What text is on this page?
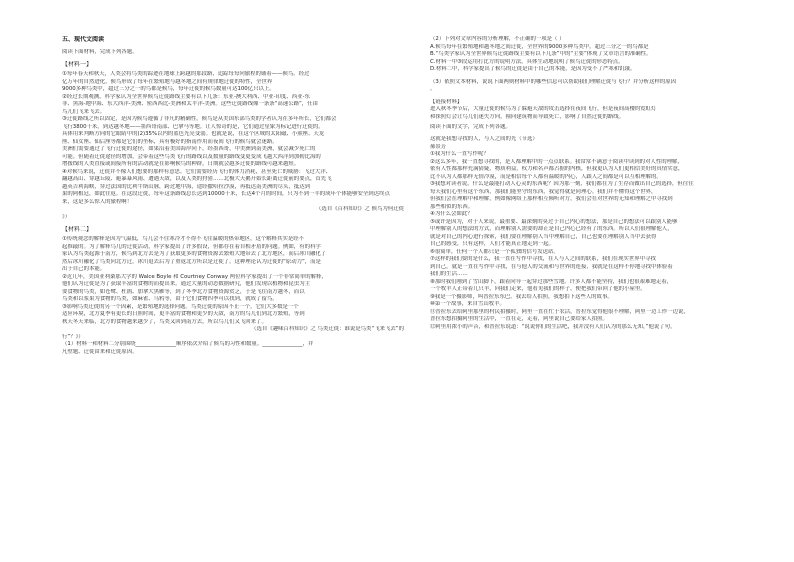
五、现代文阅读
阅读下面材料，完成下列各题。
【材料一】
①每年春天和秋天，人类会将鸟类的踪迹在地球上跨越的那段路，追踪每每向旅程的铺着——候鸟。经过
亿万年的自然进化，候鸟形成了每年在繁殖地与越冬地之间有规律地迁徙的特性，全世界
9000多种鸟类中，超过三分之一的鸟都是候鸟，每年迁徙的候鸟数量可达100亿只以上。
②经过长期观测，科学家认为全世界候鸟迁徙路线主要有以下几条：东亚-澳大利西、中亚-印度、西亚-东
非、黑海-地中海、东大西洋-美洲、密西西比-美洲和太平洋-美洲。这些迁徙路线像一条条“高速公路”，任由
鸟儿们飞来飞去。
③迁徙路线之所以固定，是因为候鸟遵循了非凡的精确性。候鸟是从美国东部鸟类的学者认为在多年所长，它们都会
飞行3800千米，到达越冬地——墨西哥南部、巴拿马等地。让人惊奇的是，它们通过星象为标记进行迁徙的。
具体用来判断方向的它眼睛中的(2)35%以内的蓝色光亮变弱。也就是说，在这个区域的太阳磁、小熊座、天龙
座、仙女座、仙后座等都是它们的坐标，具有极好的指南作用而夜间飞行的候鸟就会迷路。
美洲们需要通过了飞行迁徙的途径，如果沿着美国海岸向下，经墨西哥，中美洲到南美洲，就会减少死亡的
可能。但随着迁徙途径的增加，会带着这些鸟类飞行的路线以及数量的路线变更变成飞越大西洋到加勒比海的
增援线的人类直接或间接所有的活动就是在影响候鸟的种群，日期就会越多迁徙的路线可越来越短。
④对候鸟来说，迁徙并不像人们想要的那样有意思。它们需要经历飞行的体力消耗，甚至死亡的威胁：飞过大洋、
翻越高山、穿越丘陵、避暴暴风雨、遭遇天敌，以及人类的狩猎……北极大天鹅开始长距离迁徙前的要点，首先飞
越英吉利海峡，穿过法国的比利牛斯山脉，跨过地中海，途经撒哈拉沙漠，再抵达南美洲的尽头，抵达到
果的阿根廷，如此往返。在这段迁徙，每年这条路线总长达到10000千米，长达4个月的时间，只为不到一半的成年个体能够安全到达终点
来，这是多么惊人的旅程啊！
（选自《百科知识》之 候鸟为何迁徙
》）
【材料二】
①传统观念的解释是因为气温低，鸟儿会不住寒冷才不得不飞往温暖的热带地区，这个解释其实是经不
起推敲的。为了解释鸟儿的迁徙活动，科学家提出了许多假设，但都存在着自相矛盾的问题。例如，有的科学
家认为鸟类起源于南方，候鸟到北方去是为了获取更多的食物资源去繁殖大地带去了北方地区，而后冰川融化了
然后冰川融化了鸟类向北方迁，冰川退去后为了重返北方所以是迁徙了。这种理论认为迁徙的“原动力”，而是
出于自己的本能。
②近几年，美国亚利桑那大学的 Walce Boyle 和 Courtney Conway 两位科学家提出了一个非常简单的解释，
他们认为迁徙是为了获取丰富的食物的而提出来。通过大量的动态数据研究，他们发现以植物和昆虫为主
要食物的鸟类，如苍鹭、杜鹃、加拿大黑雁等，到了冬季北方食物资源贫乏，于是飞往南方越冬，而以
鸟类和以浆果为食物的鸟类，如麻雀、乌鸦等，由于它们食物四季可以找到，就成了留鸟。
③影响鸟类迁徙的另一个因素，是繁殖地的选择问题。鸟类迁徙的原因不止一个，它们大多数是一个
适应环境，北方夏季有更长的日照时间，更丰富的食物和更少的天敌，南方的鸟儿们到北方繁殖，等到
秋天冬天来临，北方的食物越来越少了，鸟类又回到南方去，所以鸟儿们又飞回来了。
（选自《趣味百科知识》之 鸟类迁徙：谁说是鸟类“飞来飞去”的
行”？》）
（1）材料一和材料二分别围绕_______________顺序依次介绍了候鸟的习性和数量。_______________，并
凡壁题、迁徙由来和迁徙原因。
（2）下列对文章内容的分析理解，不正确的一项是（ ）
A.候鸟每年在繁殖地和越冬地之间迁徙，全世界的9000多种鸟类中，超过三分之一的鸟都是
B.“鸟类学家认为全世界候鸟迁徙路线主要有以下几条”中的“主要”体现了文章语言的准确性。
C.材料一中③段运用打比方的说明方法，具体生动地说明了候鸟迁徙的形态特点。
D.材料二中，科学家提出了候鸟的迁徙是由于自己的本能，是因为受不了严寒和饥饿。
（3）依照文本材料，说说下面两则材料中的哪些信息可以帮助我们理解迁徙与飞行？并分析这样的原因
。
【链接材料】
进入秋冬季节后，大量迁徙的候鸟为了躲避天敌的攻击选择在夜间飞行，但是夜间高楼的霓虹灯
和探照灯会让鸟儿们迷失方向，撞向建筑物而导致死亡，影响了自然迁徙的路线。
阅读下面的文字，完成下列各题。
这就是我想寻找的人，与人之间的光（节选）
郝景芳
①我为什么一直写作呢？
②这么多年，我一直想寻找的，是人都理解中的一点点联系。我常常不满意于阅读中读到的对人性的理解，
依有人性都那样充满猜疑，物质利益，权力和名声都占据的内核，但我更认为人们更相信美好的真情实意，
比不认为人都那样无情冷漠，而是相信每个人都有温暖的内心，人跟人之间都是可以互相理解的。
③我想对读者说，什么是最能打动人心灵的东西呢？因为那一刻，我们都在为了生存而做出自己的选择，但往往
每天我们心里有这个东西，那我们能坚守的东西，我觉得就是同理心。我们并不懂得这个世界，
但我们会在理解中和理解，例如像网络上那样相互倾听对方，我们会在对世界的无知和理解之中寻找到
那些相似的东西。
④为什么会如此？
⑤或许是因为，对于人来说，最重要、最深刻的莫过于自己内心的想法，那是自己的想法可以跟别人能够
中理解别人的想法的方式，而理解别人需要的却正是自己内心已经有了的东西。所以人们很理解他人，
就是对自己的内心进行探索，我们要在理解别人当中理解自己，自己也要在理解别人当中去获得
自己的感受，只有这样，人们才能真正地走到一起。
⑥很简单，任何一个人都只是一个孤独的信号发送站。
⑦这样的我们要的是什么，我一直在写作中寻找，在人与人之间的联系，我们在现实世界中寻找
到自己，就是一直在写作中寻找，在与他人的交流和与世界的连接，我就是在这样不停地寻找中体验着
我们的生活……
⑧那时我们刚到了雪山脚下，跟着向导一起穿过那些雪地。许多人都不能坚持，我们也很艰难地走着，
一个牧羊人正带着几只羊，向我们走来，他看见我们的样子，便把我们带回了他的小屋里。
⑨我是一个摄影师，叫普拉东东巴。我去给人拍照，我想拍下这些人的故事。
⑩第一个故事，来自雪山牧羊。
⑪普拉东去给阿里那里的村民拍摄时，阿里一直在忙于农活，普拉东觉得他很不理解，阿里一边工作一边说，
普拉东想拍摄阿里的生活中，一直在走，走着，阿里说自己要给家人拍照。
⑫阿里用浓小的声音，和普拉东说道：“说说你们的生活吧，我并没有人们认为的那么无知，”他说了句，
